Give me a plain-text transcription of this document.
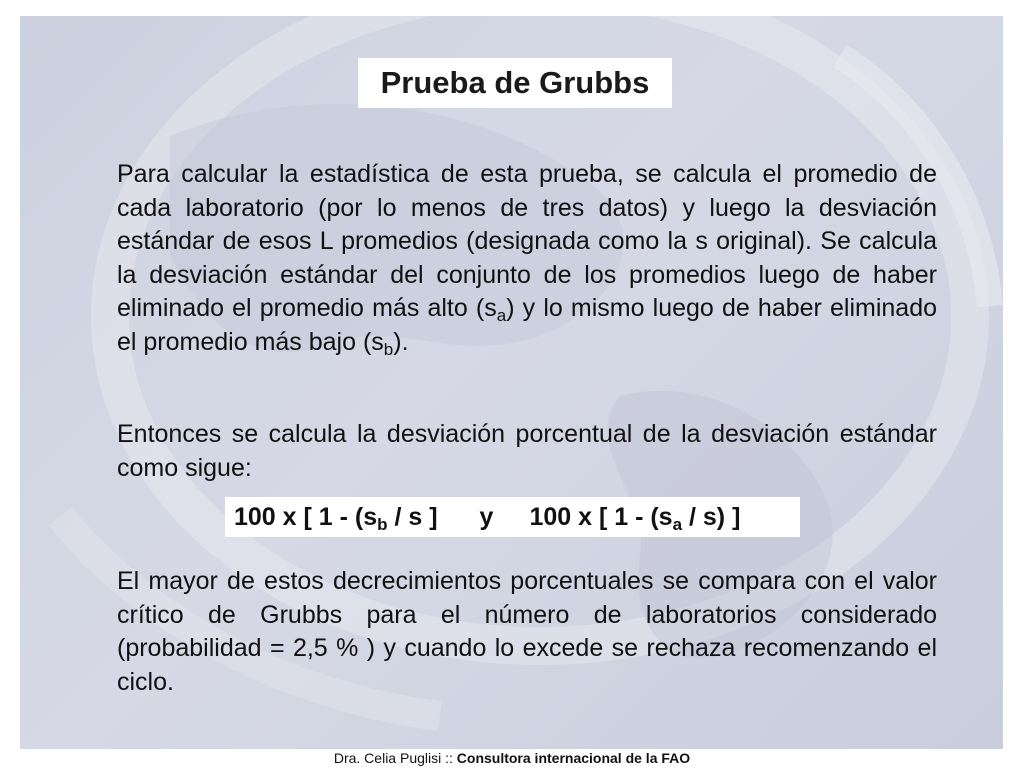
Prueba de Grubbs

Para calcular la estadística de esta prueba, se calcula el promedio de cada laboratorio (por lo menos de tres datos) y luego la desviación estándar de esos L promedios (designada como la s original). Se calcula la desviación estándar del conjunto de los promedios luego de haber eliminado el promedio más alto $(s_a)$ y lo mismo luego de haber eliminado el promedio más bajo $(s_b)$.

Entonces se calcula la desviación porcentual de la desviación estándar como sigue:

100 x [ $1 - (s_b$ / s ] y 100 x [ $1 - (s_a / s)$ ]

El mayor de estos decrecimientos porcentuales se compara con el valor crítico de Grubbs para el número de laboratorios considerado (probabilidad = 2,5 % ) y cuando lo excede se rechaza recomenzando el ciclo.

Dra. Celia Puglisi :: Consultora internacional de la FAO
